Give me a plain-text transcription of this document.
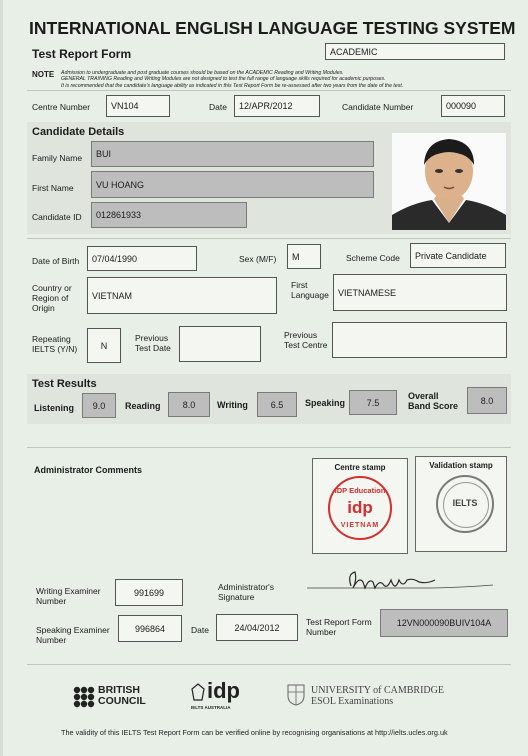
INTERNATIONAL ENGLISH LANGUAGE TESTING SYSTEM
Test Report Form	ACADEMIC
NOTE Admission to undergraduate and post graduate courses should be based on the ACADEMIC Reading and Writing Modules.
GENERAL TRAINING Reading and Writing Modules are not designed to test the full range of language skills required for academic purposes.
It is recommended that the candidate's language ability as indicated in this Test Report Form be re-assessed after two years from the date of the test.
Centre Number VN104	Date 12/APR/2012	Candidate Number	000090
Candidate Details
Family Name BUI
First Name VU HOANG
Candidate ID 012861933
Date of Birth 07/04/1990	Sex (M/F) M	Scheme Code Private Candidate
Country or
Region of
Origin
VIETNAM
First
Language VIETNAMESE
Repeating
IELTS (Y/N)	N
Previous
Test Date
Previous
Test Centre
Test Results
Listening 9.0 Reading 8.0 Writing	6.5 Speaking 7.5
Overall
Band Score
8.0
Administrator Comments	Centre stamp
IDP Education
idp
VIETNAM
Validation stamp
IELTS
Writing Examiner
Number
991699
Administrator's
Signature
Speaking Examiner
Number
996864	Date	24/04/2012
Test Report Form
Number
12VN000090BUIV104A
BRITISH
COUNCIL	idp
IELTS AUSTRALIA
UNIVERSITY of CAMBRIDGE
ESOL Examinations
The validity of this IELTS Test Report Form can be verified online by recognising organisations at http://ielts.ucles.org.uk
